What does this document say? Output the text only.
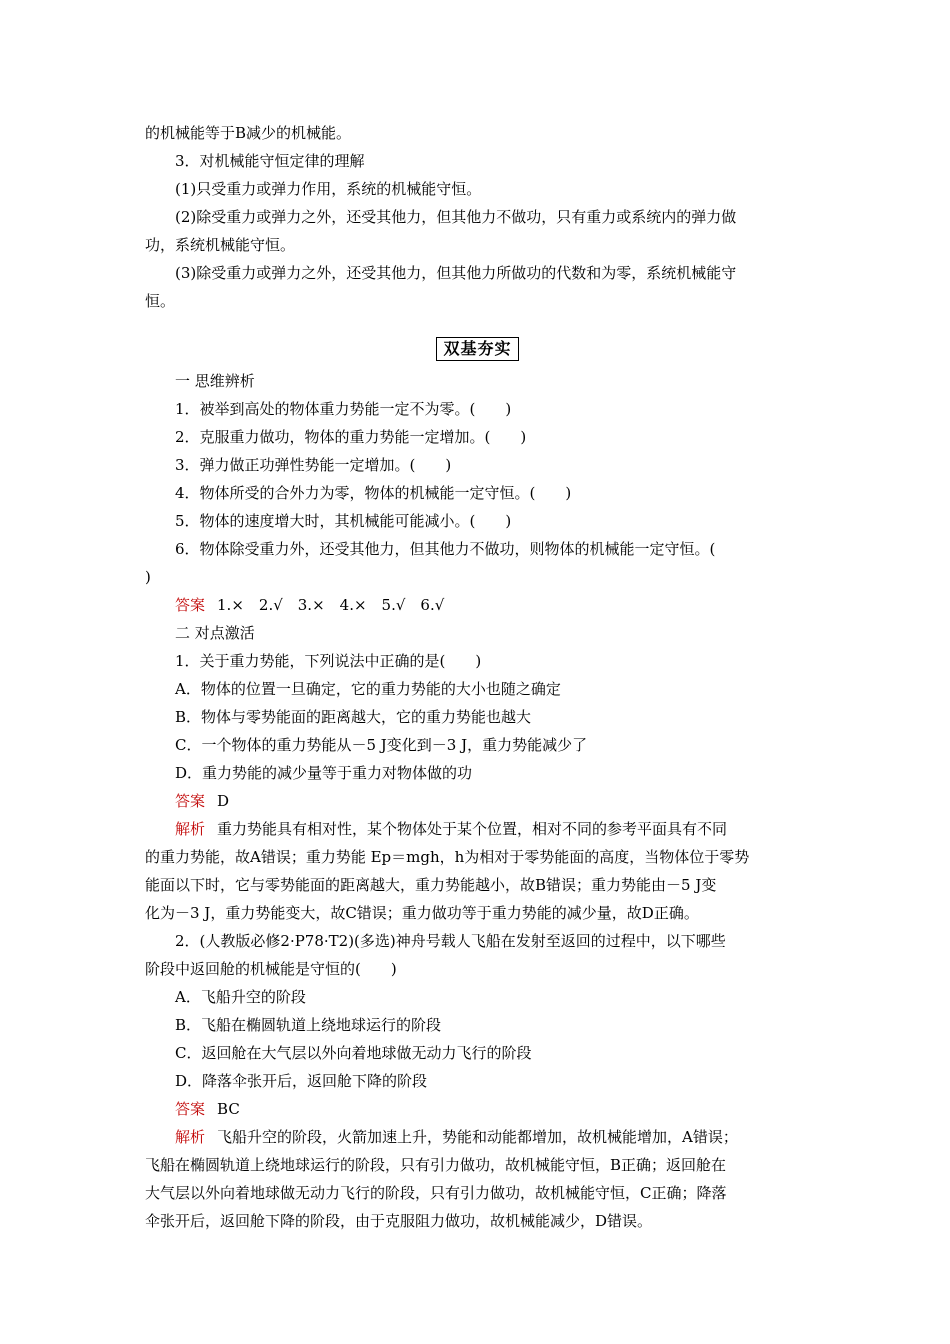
的机械能等于B减少的机械能。
3．对机械能守恒定律的理解
(1)只受重力或弹力作用，系统的机械能守恒。
(2)除受重力或弹力之外，还受其他力，但其他力不做功，只有重力或系统内的弹力做
功，系统机械能守恒。
(3)除受重力或弹力之外，还受其他力，但其他力所做功的代数和为零，系统机械能守
恒。
双基夯实
一 思维辨析
1．被举到高处的物体重力势能一定不为零。(　　)
2．克服重力做功，物体的重力势能一定增加。(　　)
3．弹力做正功弹性势能一定增加。(　　)
4．物体所受的合外力为零，物体的机械能一定守恒。(　　)
5．物体的速度增大时，其机械能可能减小。(　　)
6．物体除受重力外，还受其他力，但其他力不做功，则物体的机械能一定守恒。(
)
答案 1.×　2.√　3.×　4.×　5.√　6.√
二 对点激活
1．关于重力势能，下列说法中正确的是(　　)
A．物体的位置一旦确定，它的重力势能的大小也随之确定
B．物体与零势能面的距离越大，它的重力势能也越大
C．一个物体的重力势能从－5 J变化到－3 J，重力势能减少了
D．重力势能的减少量等于重力对物体做的功
答案 D
解析 重力势能具有相对性，某个物体处于某个位置，相对不同的参考平面具有不同
的重力势能，故A错误；重力势能 Ep＝mgh，h为相对于零势能面的高度，当物体位于零势
能面以下时，它与零势能面的距离越大，重力势能越小，故B错误；重力势能由－5 J变
化为－3 J，重力势能变大，故C错误；重力做功等于重力势能的减少量，故D正确。
2．(人教版必修2·P78·T2)(多选)神舟号载人飞船在发射至返回的过程中，以下哪些
阶段中返回舱的机械能是守恒的(　　)
A．飞船升空的阶段
B．飞船在椭圆轨道上绕地球运行的阶段
C．返回舱在大气层以外向着地球做无动力飞行的阶段
D．降落伞张开后，返回舱下降的阶段
答案 BC
解析 飞船升空的阶段，火箭加速上升，势能和动能都增加，故机械能增加，A错误；
飞船在椭圆轨道上绕地球运行的阶段，只有引力做功，故机械能守恒，B正确；返回舱在
大气层以外向着地球做无动力飞行的阶段，只有引力做功，故机械能守恒，C正确；降落
伞张开后，返回舱下降的阶段，由于克服阻力做功，故机械能减少，D错误。
